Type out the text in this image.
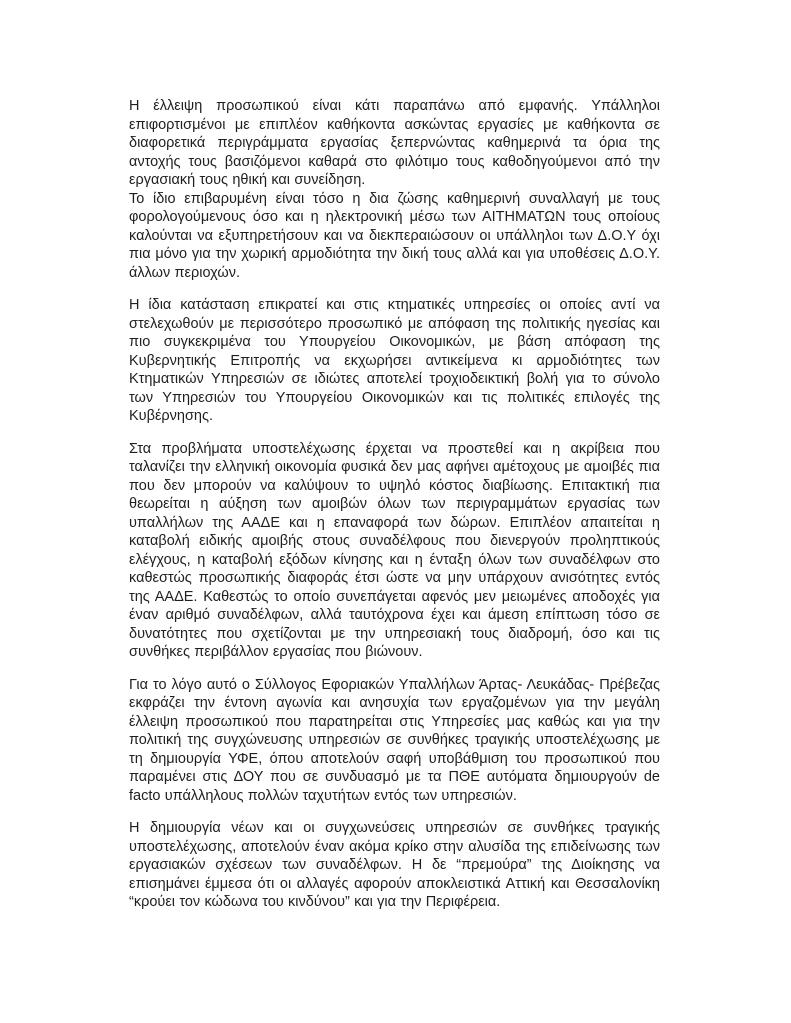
Η έλλειψη προσωπικού είναι κάτι παραπάνω από εμφανής. Υπάλληλοι επιφορτισμένοι με επιπλέον καθήκοντα ασκώντας εργασίες με καθήκοντα σε διαφορετικά περιγράμματα εργασίας ξεπερνώντας καθημερινά τα όρια της αντοχής τους βασιζόμενοι καθαρά στο φιλότιμο τους καθοδηγούμενοι από την εργασιακή τους ηθική και συνείδηση.

Το ίδιο επιβαρυμένη είναι τόσο η δια ζώσης καθημερινή συναλλαγή με τους φορολογούμενους όσο και η ηλεκτρονική μέσω των ΑΙΤΗΜΑΤΩΝ τους οποίους καλούνται να εξυπηρετήσουν και να διεκπεραιώσουν οι υπάλληλοι των Δ.Ο.Υ όχι πια μόνο για την χωρική αρμοδιότητα την δική τους αλλά και για υποθέσεις Δ.Ο.Υ. άλλων περιοχών.

Η ίδια κατάσταση επικρατεί και στις κτηματικές υπηρεσίες οι οποίες αντί να στελεχωθούν με περισσότερο προσωπικό με απόφαση της πολιτικής ηγεσίας και πιο συγκεκριμένα του Υπουργείου Οικονομικών, με βάση απόφαση της Κυβερνητικής Επιτροπής να εκχωρήσει αντικείμενα κι αρμοδιότητες των Κτηματικών Υπηρεσιών σε ιδιώτες αποτελεί τροχιοδεικτική βολή για το σύνολο των Υπηρεσιών του Υπουργείου Οικονομικών και τις πολιτικές επιλογές της Κυβέρνησης.

Στα προβλήματα υποστελέχωσης έρχεται να προστεθεί και η ακρίβεια που ταλανίζει την ελληνική οικονομία φυσικά δεν μας αφήνει αμέτοχους με αμοιβές πια που δεν μπορούν να καλύψουν το υψηλό κόστος διαβίωσης. Επιτακτική πια θεωρείται η αύξηση των αμοιβών όλων των περιγραμμάτων εργασίας των υπαλλήλων της ΑΑΔΕ και η επαναφορά των δώρων. Επιπλέον απαιτείται η καταβολή ειδικής αμοιβής στους συναδέλφους που διενεργούν προληπτικούς ελέγχους, η καταβολή εξόδων κίνησης και η ένταξη όλων των συναδέλφων στο καθεστώς προσωπικής διαφοράς έτσι ώστε να μην υπάρχουν ανισότητες εντός της ΑΑΔΕ. Καθεστώς το οποίο συνεπάγεται αφενός μεν μειωμένες αποδοχές για έναν αριθμό συναδέλφων, αλλά ταυτόχρονα έχει και άμεση επίπτωση τόσο σε δυνατότητες που σχετίζονται με την υπηρεσιακή τους διαδρομή, όσο και τις συνθήκες περιβάλλον εργασίας που βιώνουν.

Για το λόγο αυτό ο Σύλλογος Εφοριακών Υπαλλήλων Άρτας- Λευκάδας- Πρέβεζας εκφράζει την έντονη αγωνία και ανησυχία των εργαζομένων για την μεγάλη έλλειψη προσωπικού που παρατηρείται στις Υπηρεσίες μας καθώς και για την πολιτική της συγχώνευσης υπηρεσιών σε συνθήκες τραγικής υποστελέχωσης με τη δημιουργία ΥΦΕ, όπου αποτελούν σαφή υποβάθμιση του προσωπικού που παραμένει στις ΔΟΥ που σε συνδυασμό με τα ΠΘΕ αυτόματα δημιουργούν de facto υπάλληλους πολλών ταχυτήτων εντός των υπηρεσιών.

Η δημιουργία νέων και οι συγχωνεύσεις υπηρεσιών σε συνθήκες τραγικής υποστελέχωσης, αποτελούν έναν ακόμα κρίκο στην αλυσίδα της επιδείνωσης των εργασιακών σχέσεων των συναδέλφων. Η δε “πρεμούρα” της Διοίκησης να επισημάνει έμμεσα ότι οι αλλαγές αφορούν αποκλειστικά Αττική και Θεσσαλονίκη “κρούει τον κώδωνα του κινδύνου” και για την Περιφέρεια.
